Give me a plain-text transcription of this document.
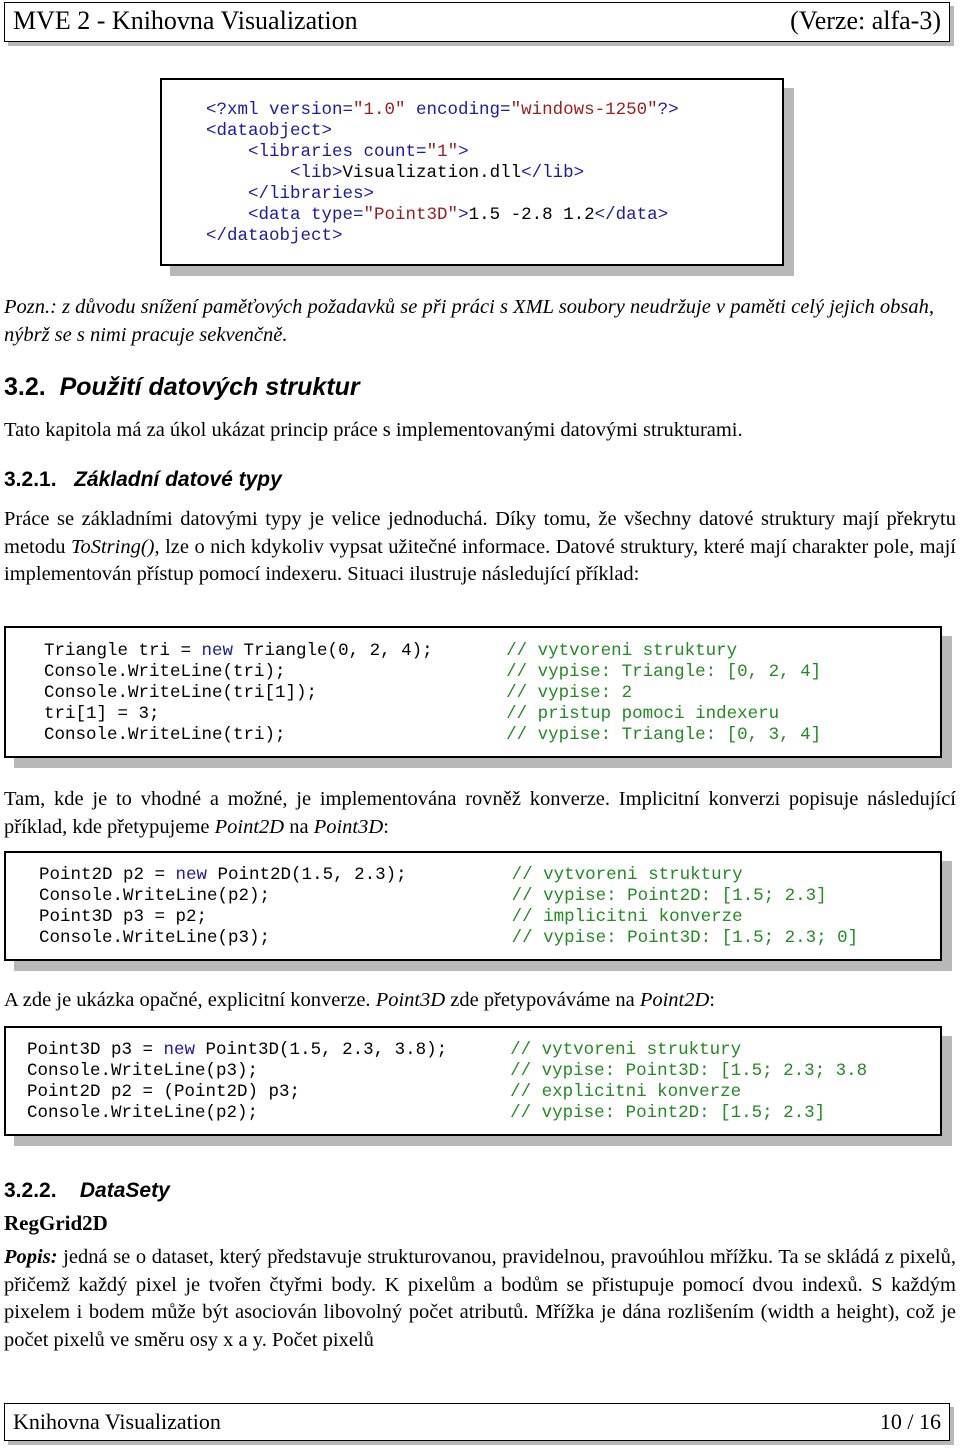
MVE 2 - Knihovna Visualization	(Verze: alfa-3)
<?xml version="1.0" encoding="windows-1250"?>
<dataobject>
<libraries count="1">
<lib>Visualization.dll</lib>
</libraries>
<data type="Point3D">1.5 -2.8 1.2</data>
</dataobject>
Pozn.: z důvodu snížení paměťových požadavků se při práci s XML soubory neudržuje v paměti celý jejich obsah, nýbrž se s nimi pracuje sekvenčně.
3.2. Použití datových struktur
Tato kapitola má za úkol ukázat princip práce s implementovanými datovými strukturami.
3.2.1. Základní datové typy
Práce se základními datovými typy je velice jednoduchá. Díky tomu, že všechny datové struktury mají překrytu metodu ToString(), lze o nich kdykoliv vypsat užitečné informace. Datové struktury, které mají charakter pole, mají implementován přístup pomocí indexeru. Situaci ilustruje následující příklad:
Triangle tri = new Triangle(0, 2, 4);	// vytvoreni struktury
Console.WriteLine(tri);	// vypise: Triangle: [0, 2, 4]
Console.WriteLine(tri[1]);	// vypise: 2
tri[1] = 3;	// pristup pomoci indexeru
Console.WriteLine(tri);	// vypise: Triangle: [0, 3, 4]
Tam, kde je to vhodné a možné, je implementována rovněž konverze. Implicitní konverzi popisuje následující příklad, kde přetypujeme Point2D na Point3D:
Point2D p2 = new Point2D(1.5, 2.3);	// vytvoreni struktury
Console.WriteLine(p2);	// vypise: Point2D: [1.5; 2.3]
Point3D p3 = p2;	// implicitni konverze
Console.WriteLine(p3);	// vypise: Point3D: [1.5; 2.3; 0]
A zde je ukázka opačné, explicitní konverze. Point3D zde přetypováváme na Point2D:
Point3D p3 = new Point3D(1.5, 2.3, 3.8);	// vytvoreni struktury
Console.WriteLine(p3);	// vypise: Point3D: [1.5; 2.3; 3.8
Point2D p2 = (Point2D) p3;	// explicitni konverze
Console.WriteLine(p2);	// vypise: Point2D: [1.5; 2.3]
3.2.2. DataSety
RegGrid2D
Popis: jedná se o dataset, který představuje strukturovanou, pravidelnou, pravoúhlou mřížku. Ta se skládá z pixelů, přičemž každý pixel je tvořen čtyřmi body. K pixelům a bodům se přistupuje pomocí dvou indexů. S každým pixelem i bodem může být asociován libovolný počet atributů. Mřížka je dána rozlišením (width a height), což je počet pixelů ve směru osy x a y. Počet pixelů
Knihovna Visualization	10 / 16
